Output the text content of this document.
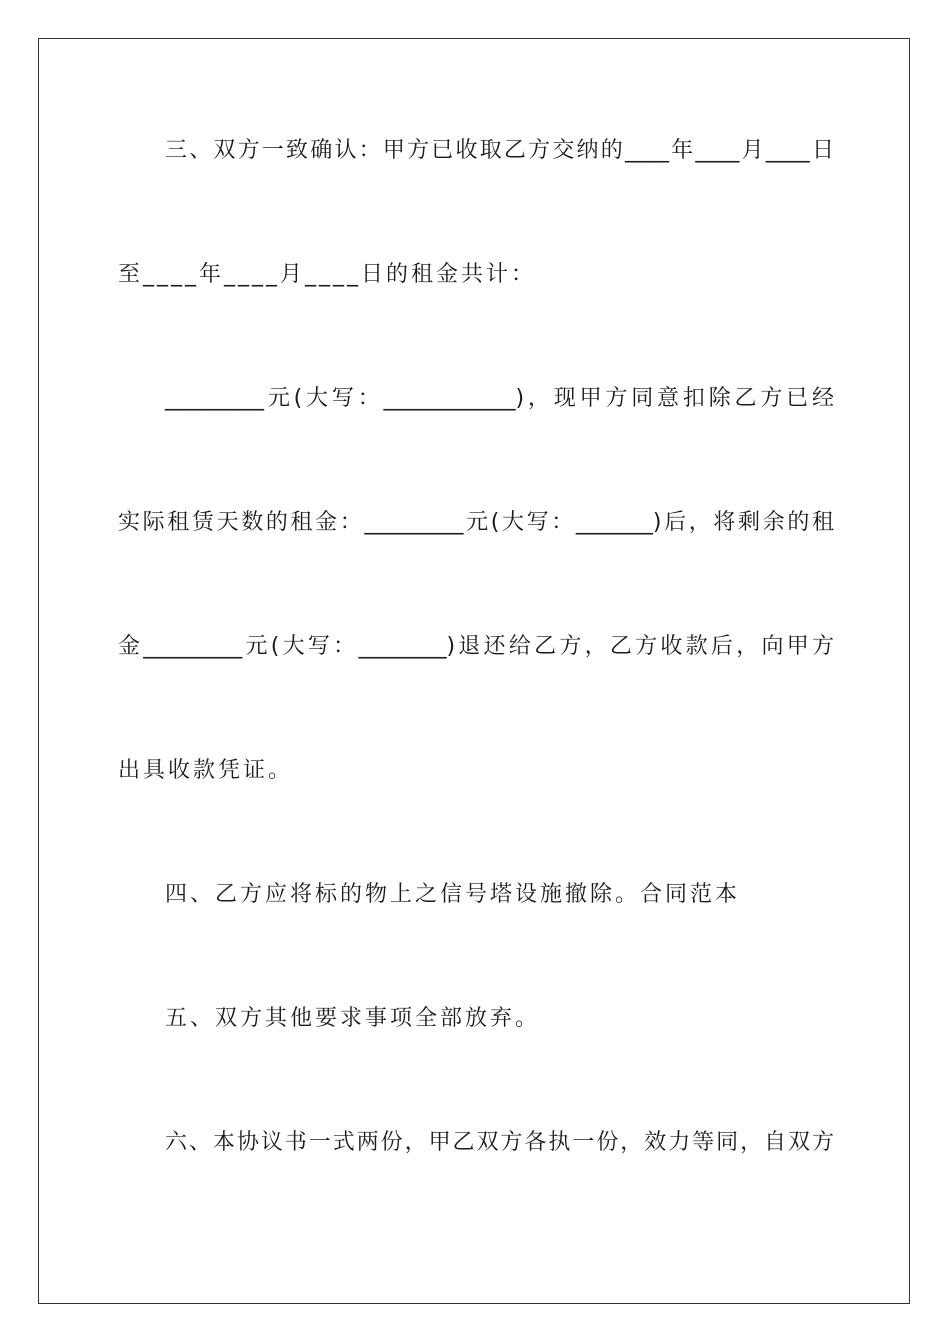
三、双方一致确认：甲方已收取乙方交纳的____年____月____日
至____年____月____日的租金共计：
_________元(大写：____________)，现甲方同意扣除乙方已经
实际租赁天数的租金：_________元(大写：_______)后，将剩余的租
金_________元(大写：________)退还给乙方，乙方收款后，向甲方
出具收款凭证。
四、乙方应将标的物上之信号塔设施撤除。合同范本
五、双方其他要求事项全部放弃。
六、本协议书一式两份，甲乙双方各执一份，效力等同，自双方
